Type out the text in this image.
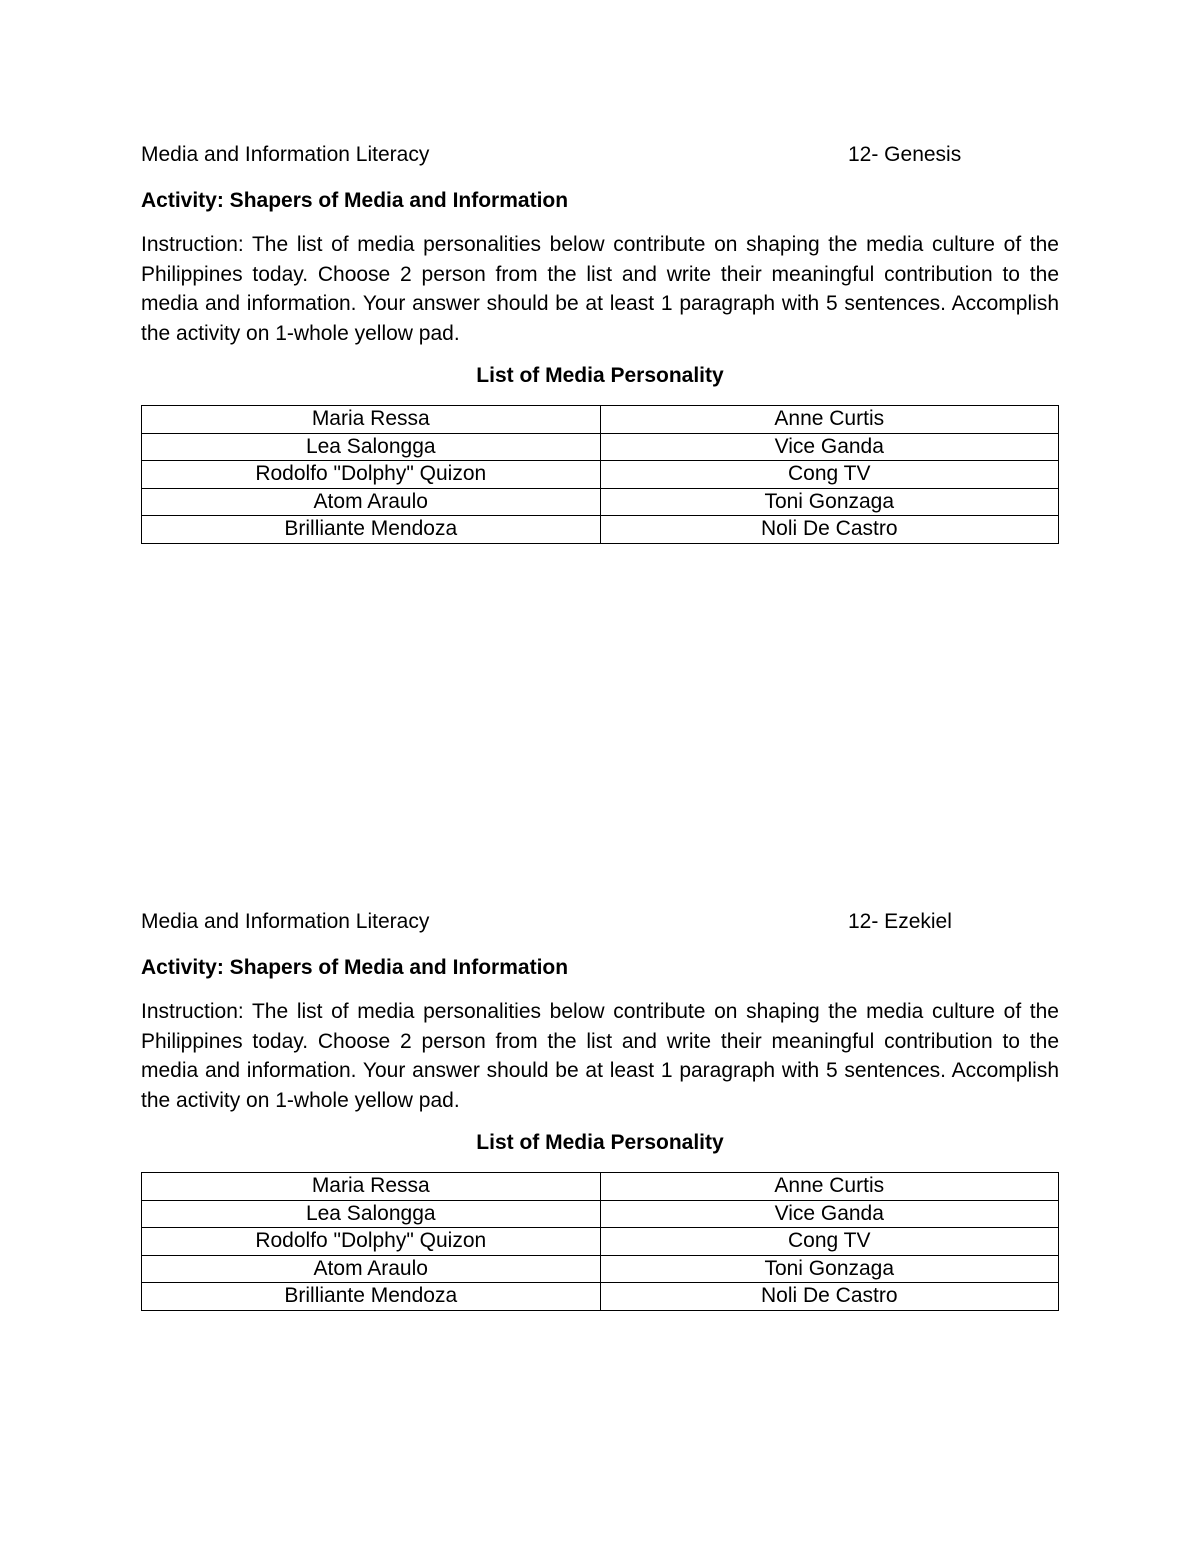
Media and Information Literacy	12- Genesis
Activity: Shapers of Media and Information
Instruction: The list of media personalities below contribute on shaping the media culture of the Philippines today. Choose 2 person from the list and write their meaningful contribution to the media and information. Your answer should be at least 1 paragraph with 5 sentences. Accomplish the activity on 1-whole yellow pad.
List of Media Personality
Maria Ressa	Anne Curtis
Lea Salongga	Vice Ganda
Rodolfo "Dolphy" Quizon	Cong TV
Atom Araulo	Toni Gonzaga
Brilliante Mendoza	Noli De Castro
Media and Information Literacy	12- Ezekiel
Activity: Shapers of Media and Information
Instruction: The list of media personalities below contribute on shaping the media culture of the Philippines today. Choose 2 person from the list and write their meaningful contribution to the media and information. Your answer should be at least 1 paragraph with 5 sentences. Accomplish the activity on 1-whole yellow pad.
List of Media Personality
Maria Ressa	Anne Curtis
Lea Salongga	Vice Ganda
Rodolfo "Dolphy" Quizon	Cong TV
Atom Araulo	Toni Gonzaga
Brilliante Mendoza	Noli De Castro
